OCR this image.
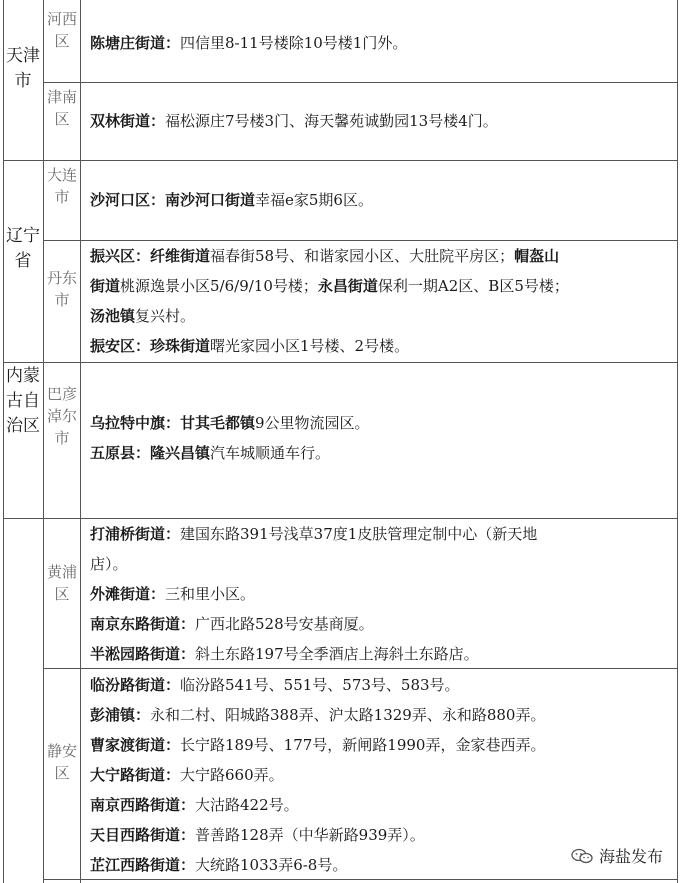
天津市
辽宁省
内蒙古自治区
河西区
津南区
大连市
丹东市
巴彦淖尔市
黄浦区
静安区
陈塘庄街道：四信里8-11号楼除10号楼1门外。
双林街道：福松源庄7号楼3门、海天馨苑诚勤园13号楼4门。
沙河口区：南沙河口街道幸福e家5期6区。
振兴区：纤维街道福春街58号、和谐家园小区、大肚院平房区；帽盔山
街道桃源逸景小区5/6/9/10号楼；永昌街道保利一期A2区、B区5号楼；
汤池镇复兴村。
振安区：珍珠街道曙光家园小区1号楼、2号楼。
乌拉特中旗：甘其毛都镇9公里物流园区。
五原县：隆兴昌镇汽车城顺通车行。
打浦桥街道：建国东路391号浅草37度1皮肤管理定制中心（新天地
店）。
外滩街道：三和里小区。
南京东路街道：广西北路528号安基商厦。
半淞园路街道：斜土东路197号全季酒店上海斜土东路店。
临汾路街道：临汾路541号、551号、573号、583号。
彭浦镇：永和二村、阳城路388弄、沪太路1329弄、永和路880弄。
曹家渡街道：长宁路189号、177号，新闸路1990弄，金家巷西弄。
大宁路街道：大宁路660弄。
南京西路街道：大沽路422号。
天目西路街道：普善路128弄（中华新路939弄）。
芷江西路街道：大统路1033弄6-8号。	海盐发布
